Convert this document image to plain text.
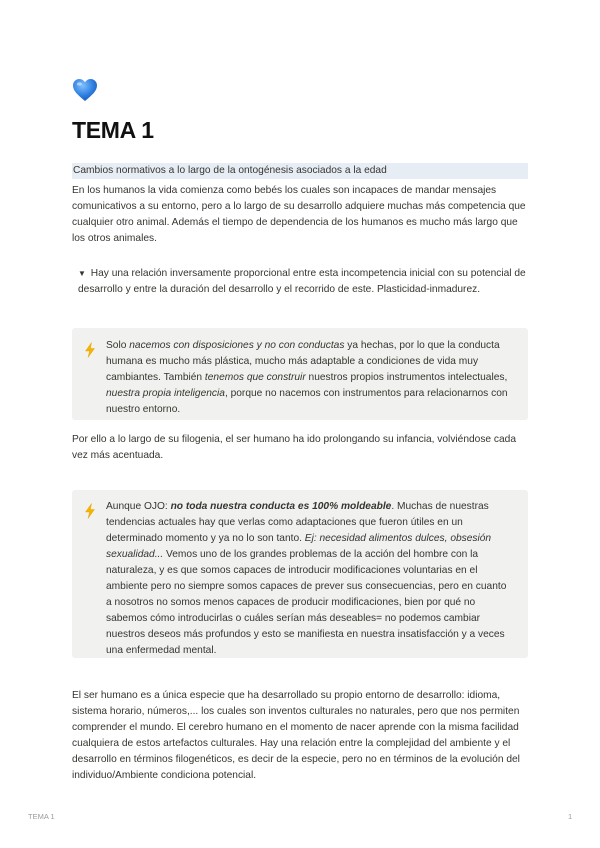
TEMA 1
Cambios normativos a lo largo de la ontogénesis asociados a la edad

En los humanos la vida comienza como bebés los cuales son incapaces de mandar mensajes comunicativos a su entorno, pero a lo largo de su desarrollo adquiere muchas más competencia que cualquier otro animal. Además el tiempo de dependencia de los humanos es mucho más largo que los otros animales.

▼ Hay una relación inversamente proporcional entre esta incompetencia inicial con su potencial de desarrollo y entre la duración del desarrollo y el recorrido de este. Plasticidad-inmadurez.

Solo nacemos con disposiciones y no con conductas ya hechas, por lo que la conducta humana es mucho más plástica, mucho más adaptable a condiciones de vida muy cambiantes. También tenemos que construir nuestros propios instrumentos intelectuales, nuestra propia inteligencia, porque no nacemos con instrumentos para relacionarnos con nuestro entorno.

Por ello a lo largo de su filogenia, el ser humano ha ido prolongando su infancia, volviéndose cada vez más acentuada.

Aunque OJO: no toda nuestra conducta es 100% moldeable. Muchas de nuestras tendencias actuales hay que verlas como adaptaciones que fueron útiles en un determinado momento y ya no lo son tanto. Ej: necesidad alimentos dulces, obsesión sexualidad... Vemos uno de los grandes problemas de la acción del hombre con la naturaleza, y es que somos capaces de introducir modificaciones voluntarias en el ambiente pero no siempre somos capaces de prever sus consecuencias, pero en cuanto a nosotros no somos menos capaces de producir modificaciones, bien por qué no sabemos cómo introducirlas o cuáles serían más deseables= no podemos cambiar nuestros deseos más profundos y esto se manifiesta en nuestra insatisfacción y a veces una enfermedad mental.

El ser humano es a única especie que ha desarrollado su propio entorno de desarrollo: idioma, sistema horario, números,... los cuales son inventos culturales no naturales, pero que nos permiten comprender el mundo. El cerebro humano en el momento de nacer aprende con la misma facilidad cualquiera de estos artefactos culturales. Hay una relación entre la complejidad del ambiente y el desarrollo en términos filogenéticos, es decir de la especie, pero no en términos de la evolución del individuo/Ambiente condiciona potencial.

TEMA 1	1
